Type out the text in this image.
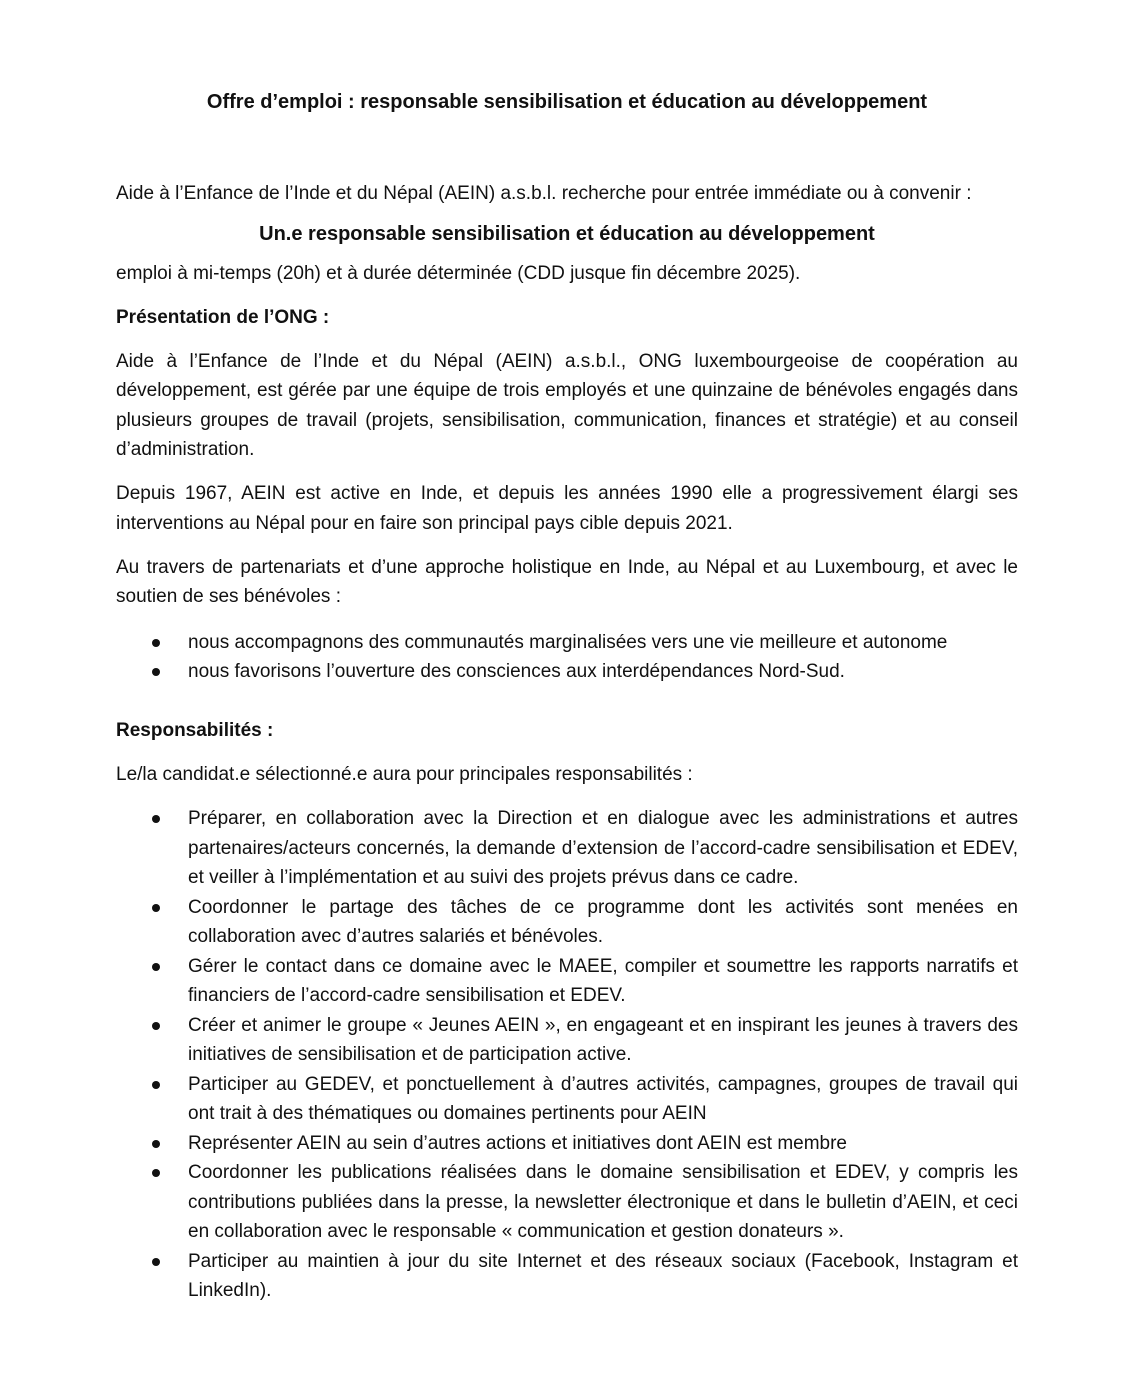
Offre d’emploi : responsable sensibilisation et éducation au développement
Aide à l’Enfance de l’Inde et du Népal (AEIN) a.s.b.l. recherche pour entrée immédiate ou à convenir :
Un.e responsable sensibilisation et éducation au développement

emploi à mi-temps (20h) et à durée déterminée (CDD jusque fin décembre 2025).

Présentation de l’ONG :

Aide à l’Enfance de l’Inde et du Népal (AEIN) a.s.b.l., ONG luxembourgeoise de coopération au développement, est gérée par une équipe de trois employés et une quinzaine de bénévoles engagés dans plusieurs groupes de travail (projets, sensibilisation, communication, finances et stratégie) et au conseil d’administration.

Depuis 1967, AEIN est active en Inde, et depuis les années 1990 elle a progressivement élargi ses interventions au Népal pour en faire son principal pays cible depuis 2021.

Au travers de partenariats et d’une approche holistique en Inde, au Népal et au Luxembourg, et avec le soutien de ses bénévoles :

nous accompagnons des communautés marginalisées vers une vie meilleure et autonome
nous favorisons l’ouverture des consciences aux interdépendances Nord-Sud.
Responsabilités :

Le/la candidat.e sélectionné.e aura pour principales responsabilités :

Préparer, en collaboration avec la Direction et en dialogue avec les administrations et autres partenaires/acteurs concernés, la demande d’extension de l’accord-cadre sensibilisation et EDEV, et veiller à l’implémentation et au suivi des projets prévus dans ce cadre.
Coordonner le partage des tâches de ce programme dont les activités sont menées en collaboration avec d’autres salariés et bénévoles.
Gérer le contact dans ce domaine avec le MAEE, compiler et soumettre les rapports narratifs et financiers de l’accord-cadre sensibilisation et EDEV.
Créer et animer le groupe « Jeunes AEIN », en engageant et en inspirant les jeunes à travers des initiatives de sensibilisation et de participation active.
Participer au GEDEV, et ponctuellement à d’autres activités, campagnes, groupes de travail qui ont trait à des thématiques ou domaines pertinents pour AEIN
Représenter AEIN au sein d’autres actions et initiatives dont AEIN est membre
Coordonner les publications réalisées dans le domaine sensibilisation et EDEV, y compris les contributions publiées dans la presse, la newsletter électronique et dans le bulletin d’AEIN, et ceci en collaboration avec le responsable « communication et gestion donateurs ».
Participer au maintien à jour du site Internet et des réseaux sociaux (Facebook, Instagram et LinkedIn).
